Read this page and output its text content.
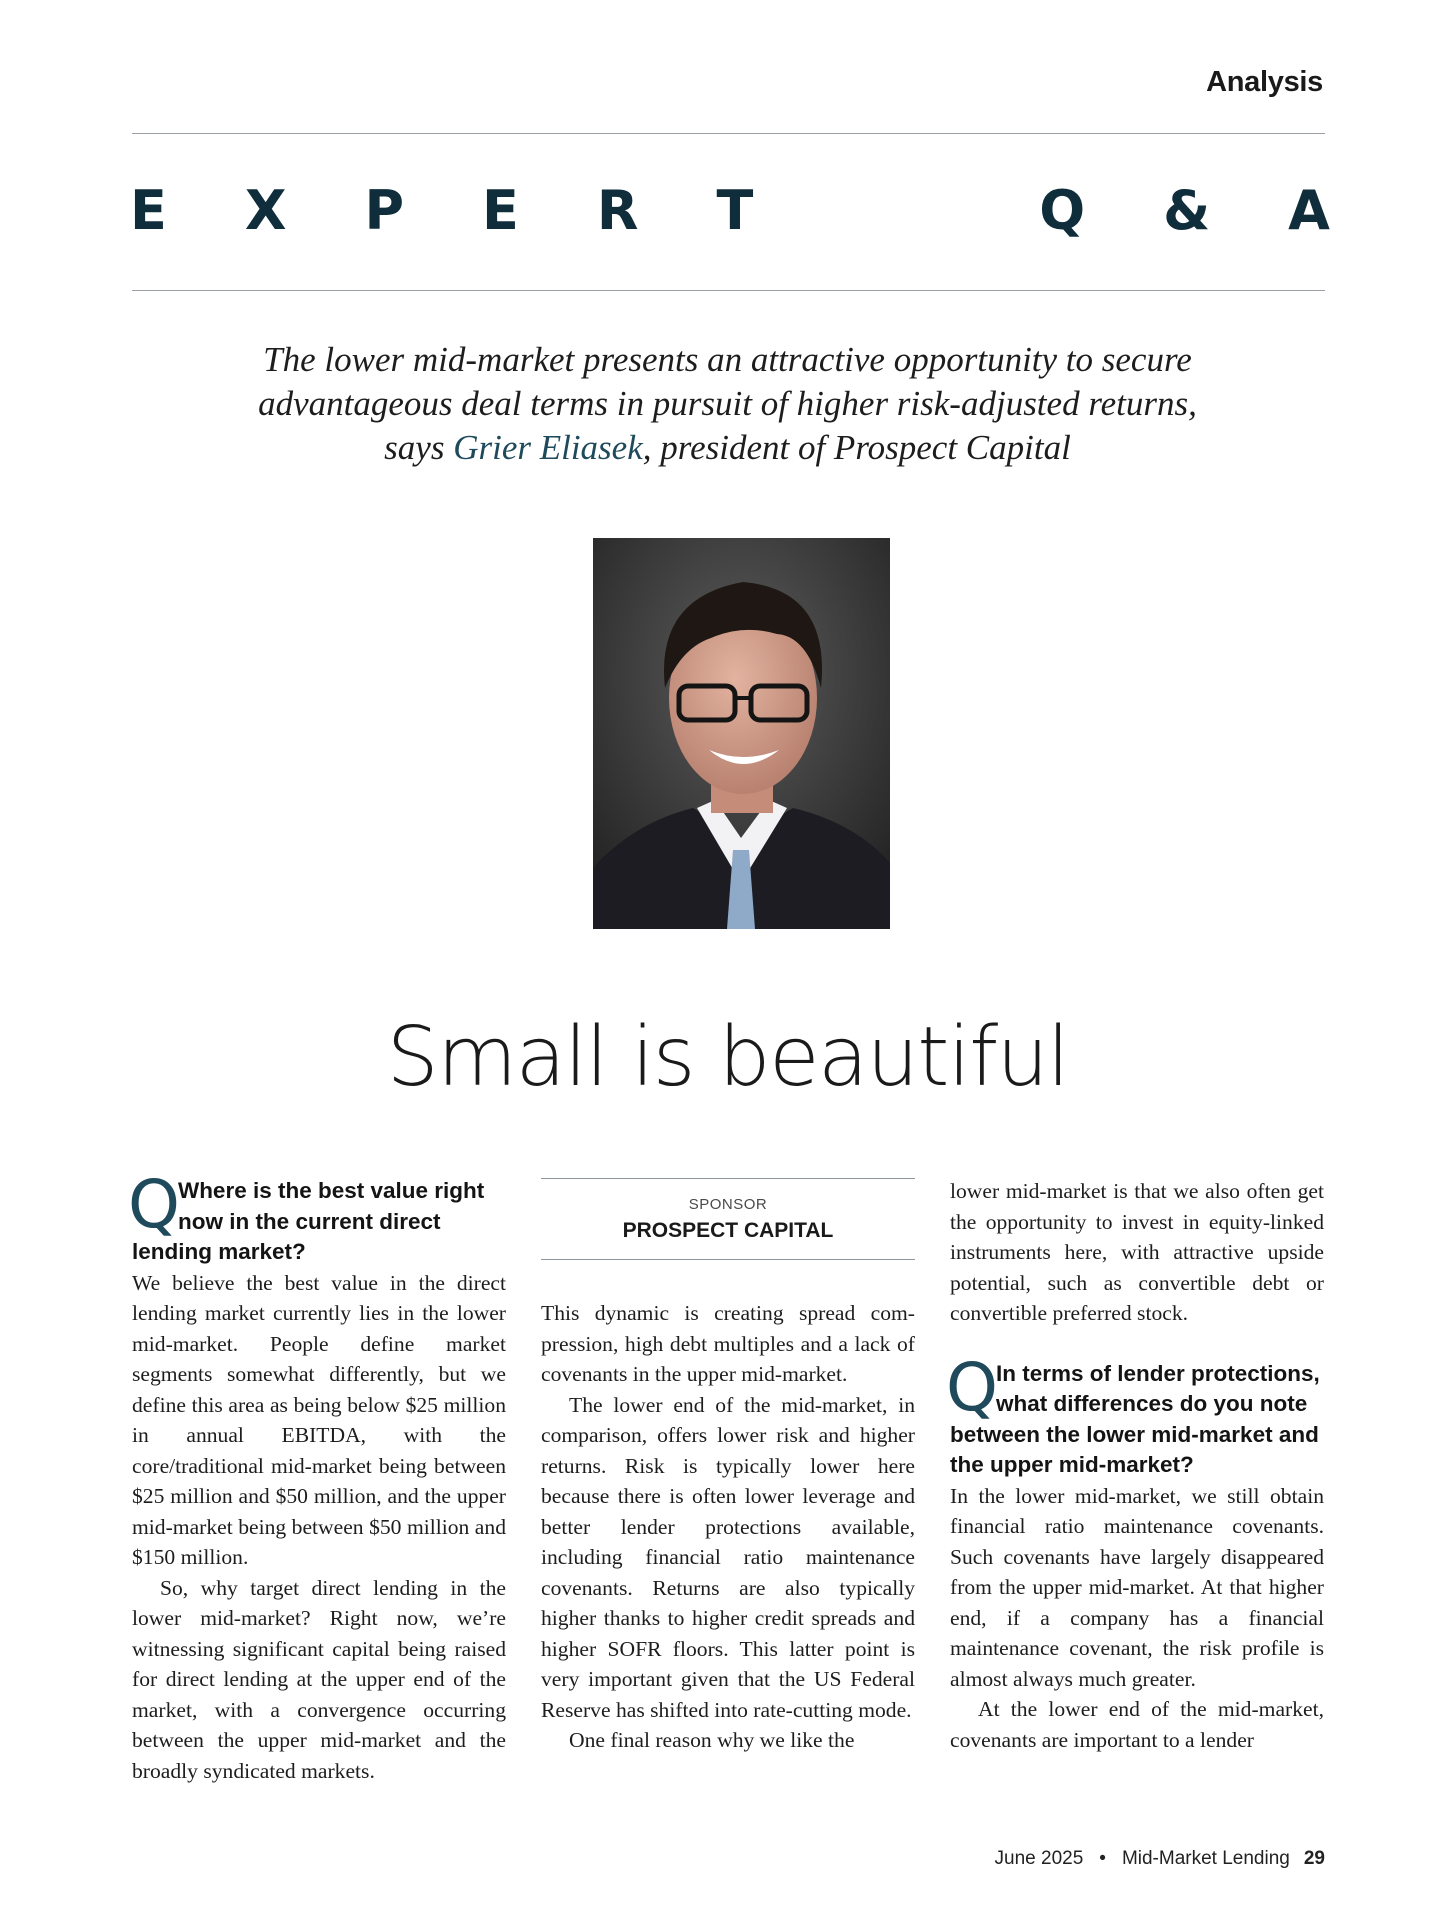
Analysis
E X P E R T	Q & A
The lower mid-market presents an attractive opportunity to secure
advantageous deal terms in pursuit of higher risk-adjusted returns,
says Grier Eliasek, president of Prospect Capital
Small is beautiful

Q Where is the best value right now in the current direct lending market?

We believe the best value in the direct lending market currently lies in the lower mid-market. People define market segments somewhat differently, but we define this area as being below $25 million in annual EBITDA, with the core/traditional mid-market being between $25 million and $50 million, and the upper mid-market being between $50 million and $150 million.

So, why target direct lending in the lower mid-market? Right now, we’re witnessing significant capital being raised for direct lending at the upper end of the market, with a convergence occurring between the upper mid-market and the broadly syndicated markets.

SPONSOR
PROSPECT CAPITAL

This dynamic is creating spread compression, high debt multiples and a lack of covenants in the upper mid-market.

The lower end of the mid-market, in comparison, offers lower risk and higher returns. Risk is typically lower here because there is often lower leverage and better lender protections available, including financial ratio maintenance covenants. Returns are also typically higher thanks to higher credit spreads and higher SOFR floors. This latter point is very important given that the US Federal Reserve has shifted into rate-cutting mode.

One final reason why we like the

lower mid-market is that we also often get the opportunity to invest in equity-linked instruments here, with attractive upside potential, such as convertible debt or convertible preferred stock.

Q In terms of lender protections, what differences do you note between the lower mid-market and the upper mid-market?

In the lower mid-market, we still obtain financial ratio maintenance covenants. Such covenants have largely disappeared from the upper mid-market. At that higher end, if a company has a financial maintenance covenant, the risk profile is almost always much greater.

At the lower end of the mid-market, covenants are important to a lender

June 2025 • Mid-Market Lending 29
